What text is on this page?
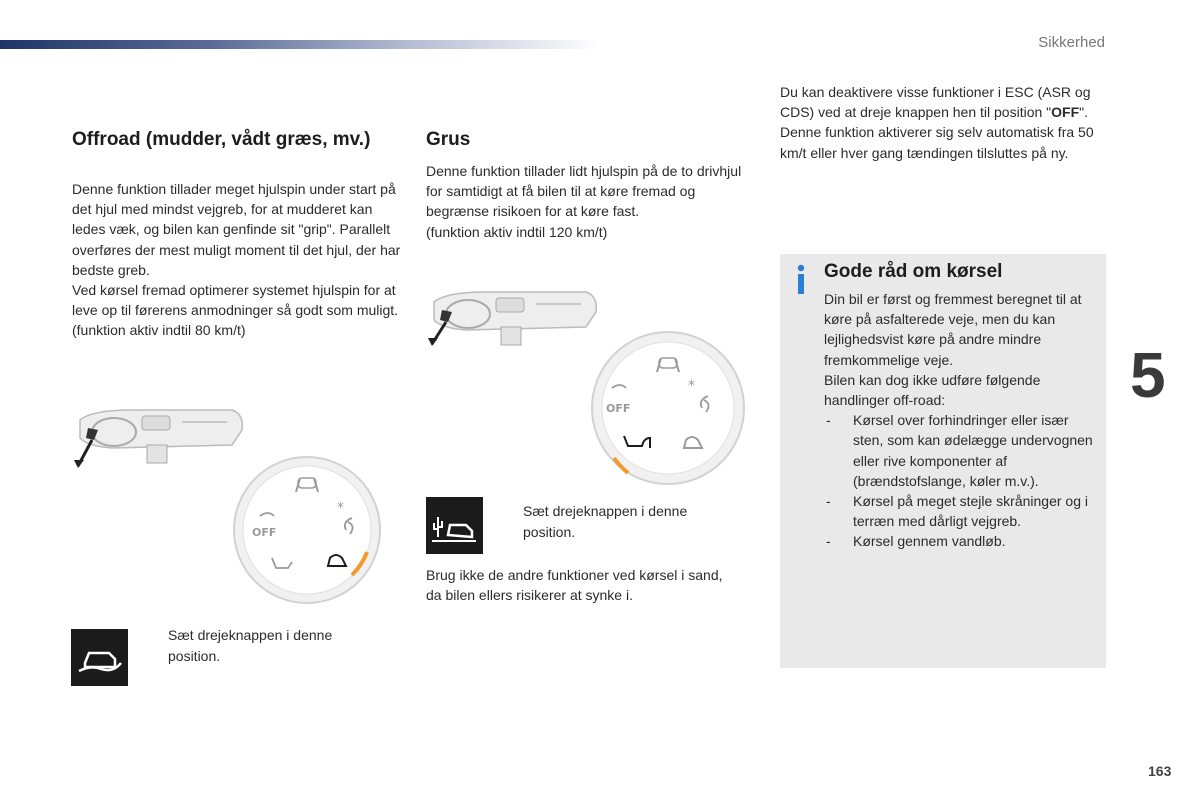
Sikkerhed
5
163
Offroad (mudder, vådt græs, mv.)

Denne funktion tillader meget hjulspin under start på det hjul med mindst vejgreb, for at mudderet kan ledes væk, og bilen kan genfinde sit "grip". Parallelt overføres der mest muligt moment til det hjul, der har bedste greb.

Ved kørsel fremad optimerer systemet hjulspin for at leve op til førerens anmodninger så godt som muligt.

(funktion aktiv indtil 80 km/t)

*
OFF
Sæt drejeknappen i denne position.
Grus

Denne funktion tillader lidt hjulspin på de to drivhjul for samtidigt at få bilen til at køre fremad og begrænse risikoen for at køre fast.

(funktion aktiv indtil 120 km/t)

*
OFF
Sæt drejeknappen i denne position.
Brug ikke de andre funktioner ved kørsel i sand, da bilen ellers risikerer at synke i.

Du kan deaktivere visse funktioner i ESC (ASR og CDS) ved at dreje knappen hen til position "OFF".

Denne funktion aktiverer sig selv automatisk fra 50 km/t eller hver gang tændingen tilsluttes på ny.

Gode råd om kørsel

Din bil er først og fremmest beregnet til at køre på asfalterede veje, men du kan lejlighedsvist køre på andre mindre fremkommelige veje.

Bilen kan dog ikke udføre følgende handlinger off-road:

- Kørsel over forhindringer eller især sten, som kan ødelægge undervognen eller rive komponenter af (brændstofslange, køler m.v.).
- Kørsel på meget stejle skråninger og i terræn med dårligt vejgreb.
- Kørsel gennem vandløb.
